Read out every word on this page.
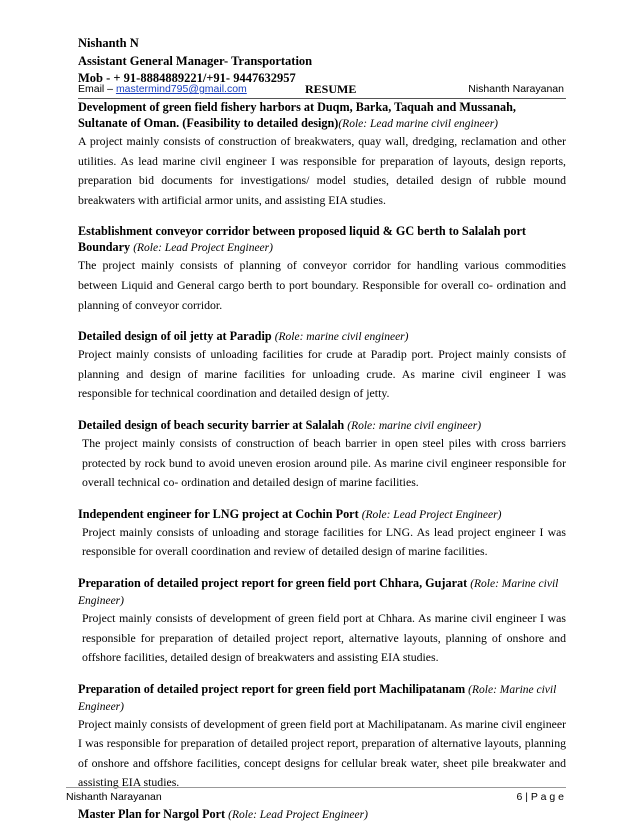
Nishanth N
Assistant General Manager- Transportation
Mob - + 91-8884889221/+91- 9447632957
Email – mastermind795@gmail.com	RESUME	Nishanth Narayanan

Development of green field fishery harbors at Duqm, Barka, Taquah and Mussanah, Sultanate of Oman. (Feasibility to detailed design)(Role: Lead marine civil engineer)

A project mainly consists of construction of breakwaters, quay wall, dredging, reclamation and other utilities. As lead marine civil engineer I was responsible for preparation of layouts, design reports, preparation bid documents for investigations/ model studies, detailed design of rubble mound breakwaters with artificial armor units, and assisting EIA studies.

Establishment conveyor corridor between proposed liquid & GC berth to Salalah port Boundary (Role: Lead Project Engineer)

The project mainly consists of planning of conveyor corridor for handling various commodities between Liquid and General cargo berth to port boundary. Responsible for overall co- ordination and planning of conveyor corridor.

Detailed design of oil jetty at Paradip (Role: marine civil engineer)

Project mainly consists of unloading facilities for crude at Paradip port. Project mainly consists of planning and design of marine facilities for unloading crude. As marine civil engineer I was responsible for technical coordination and detailed design of jetty.

Detailed design of beach security barrier at Salalah (Role: marine civil engineer)

The project mainly consists of construction of beach barrier in open steel piles with cross barriers protected by rock bund to avoid uneven erosion around pile. As marine civil engineer responsible for overall technical co- ordination and detailed design of marine facilities.

Independent engineer for LNG project at Cochin Port (Role: Lead Project Engineer)

Project mainly consists of unloading and storage facilities for LNG. As lead project engineer I was responsible for overall coordination and review of detailed design of marine facilities.

Preparation of detailed project report for green field port Chhara, Gujarat (Role: Marine civil Engineer)

Project mainly consists of development of green field port at Chhara. As marine civil engineer I was responsible for preparation of detailed project report, alternative layouts, planning of onshore and offshore facilities, detailed design of breakwaters and assisting EIA studies.

Preparation of detailed project report for green field port Machilipatanam (Role: Marine civil Engineer)

Project mainly consists of development of green field port at Machilipatanam. As marine civil engineer I was responsible for preparation of detailed project report, preparation of alternative layouts, planning of onshore and offshore facilities, concept designs for cellular break water, sheet pile breakwater and assisting EIA studies.

Master Plan for Nargol Port (Role: Lead Project Engineer)

Nishanth Narayanan	6 | P a g e
